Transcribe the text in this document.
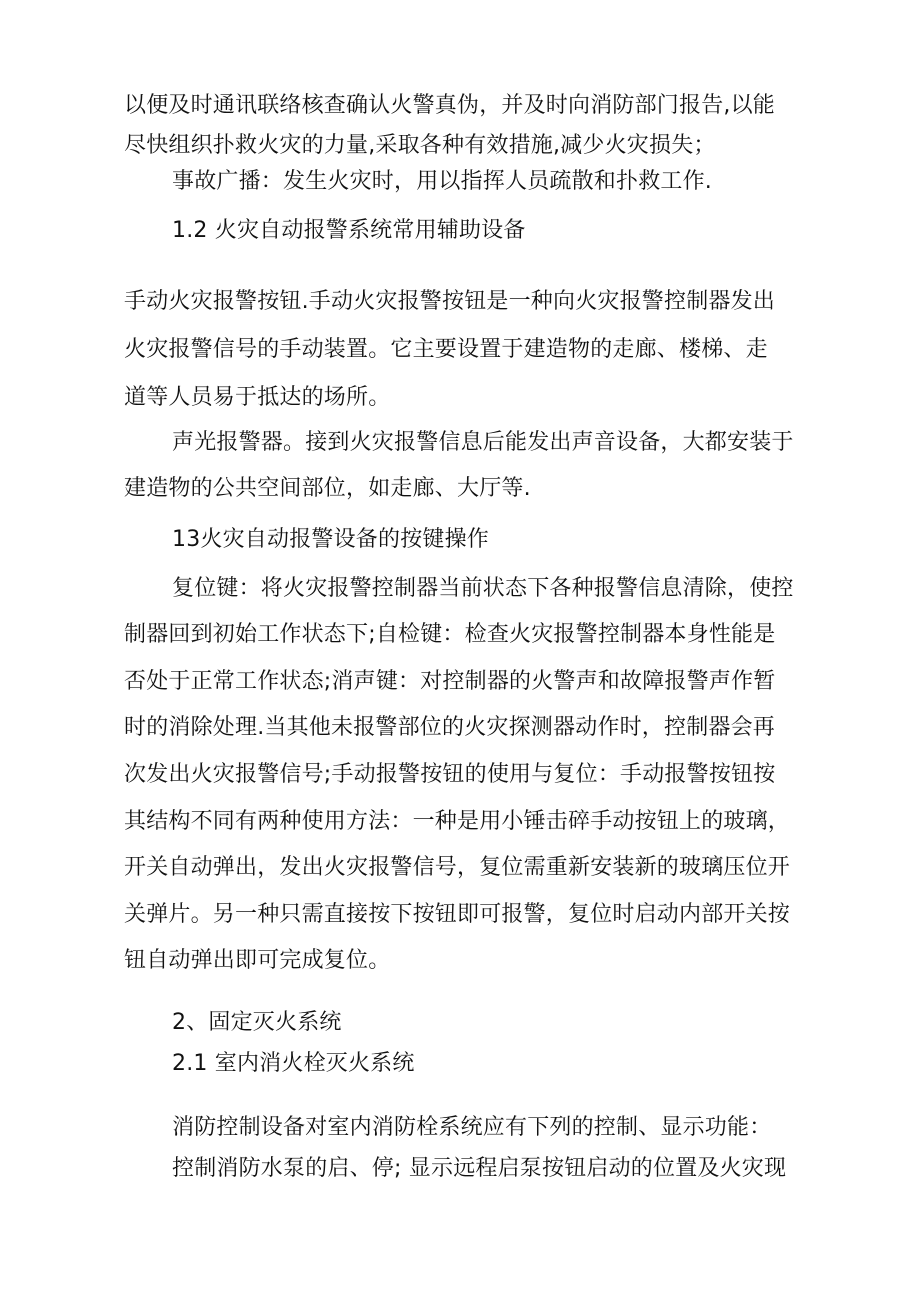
以便及时通讯联络核查确认火警真伪，并及时向消防部门报告,以能
尽快组织扑救火灾的力量,采取各种有效措施,减少火灾损失；
事故广播：发生火灾时，用以指挥人员疏散和扑救工作.
1.2 火灾自动报警系统常用辅助设备
手动火灾报警按钮.手动火灾报警按钮是一种向火灾报警控制器发出
火灾报警信号的手动装置。它主要设置于建造物的走廊、楼梯、走
道等人员易于抵达的场所。
声光报警器。接到火灾报警信息后能发出声音设备，大都安装于
建造物的公共空间部位，如走廊、大厅等.
13火灾自动报警设备的按键操作
复位键：将火灾报警控制器当前状态下各种报警信息清除，使控
制器回到初始工作状态下;自检键：检查火灾报警控制器本身性能是
否处于正常工作状态;消声键：对控制器的火警声和故障报警声作暂
时的消除处理.当其他未报警部位的火灾探测器动作时，控制器会再
次发出火灾报警信号;手动报警按钮的使用与复位：手动报警按钮按
其结构不同有两种使用方法：一种是用小锤击碎手动按钮上的玻璃，
开关自动弹出，发出火灾报警信号，复位需重新安装新的玻璃压位开
关弹片。另一种只需直接按下按钮即可报警，复位时启动内部开关按
钮自动弹出即可完成复位。
2、固定灭火系统
2.1 室内消火栓灭火系统
消防控制设备对室内消防栓系统应有下列的控制、显示功能：
控制消防水泵的启、停; 显示远程启泵按钮启动的位置及火灾现
